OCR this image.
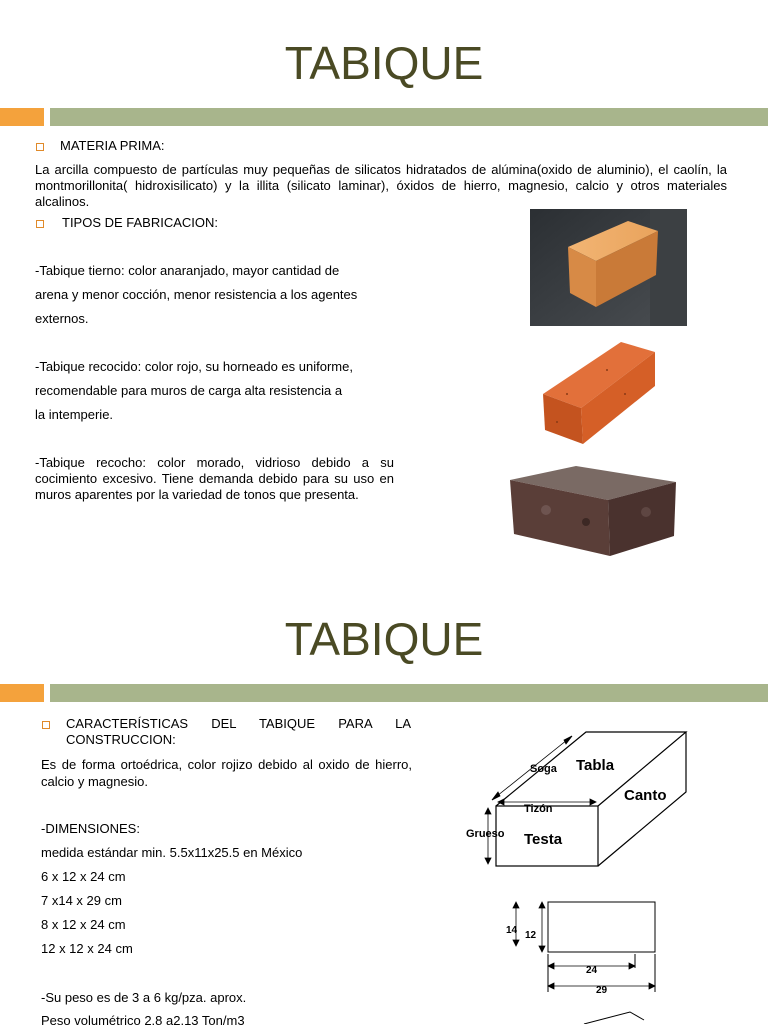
TABIQUE
MATERIA PRIMA:
La arcilla compuesto de partículas muy pequeñas de silicatos hidratados de alúmina(oxido de aluminio), el caolín, la montmorillonita( hidroxisilicato) y la illita (silicato laminar), óxidos de hierro, magnesio, calcio y otros materiales alcalinos.
TIPOS DE FABRICACION:
-Tabique tierno: color anaranjado, mayor cantidad de
arena y menor cocción, menor resistencia a los agentes
externos.
-Tabique recocido: color rojo, su horneado es uniforme,
recomendable para muros de carga alta resistencia a
la intemperie.
-Tabique recocho: color morado, vidrioso debido a su cocimiento excesivo. Tiene demanda debido para su uso en muros aparentes por la variedad de tonos que presenta.
TABIQUE
CARACTERÍSTICAS DEL TABIQUE PARA LA CONSTRUCCION:
Es de forma ortoédrica, color rojizo debido al oxido de hierro, calcio y magnesio.
-DIMENSIONES:
medida estándar min. 5.5x11x25.5 en México
6 x 12 x 24 cm
7 x14 x 29 cm
8 x 12 x 24 cm
12 x 12 x 24 cm
-Su peso es de 3 a 6 kg/pza. aprox.
Peso volumétrico 2.8 a2.13 Ton/m3
Soga Tabla
Canto
Tizón
Grueso Testa
14 12
24
29
